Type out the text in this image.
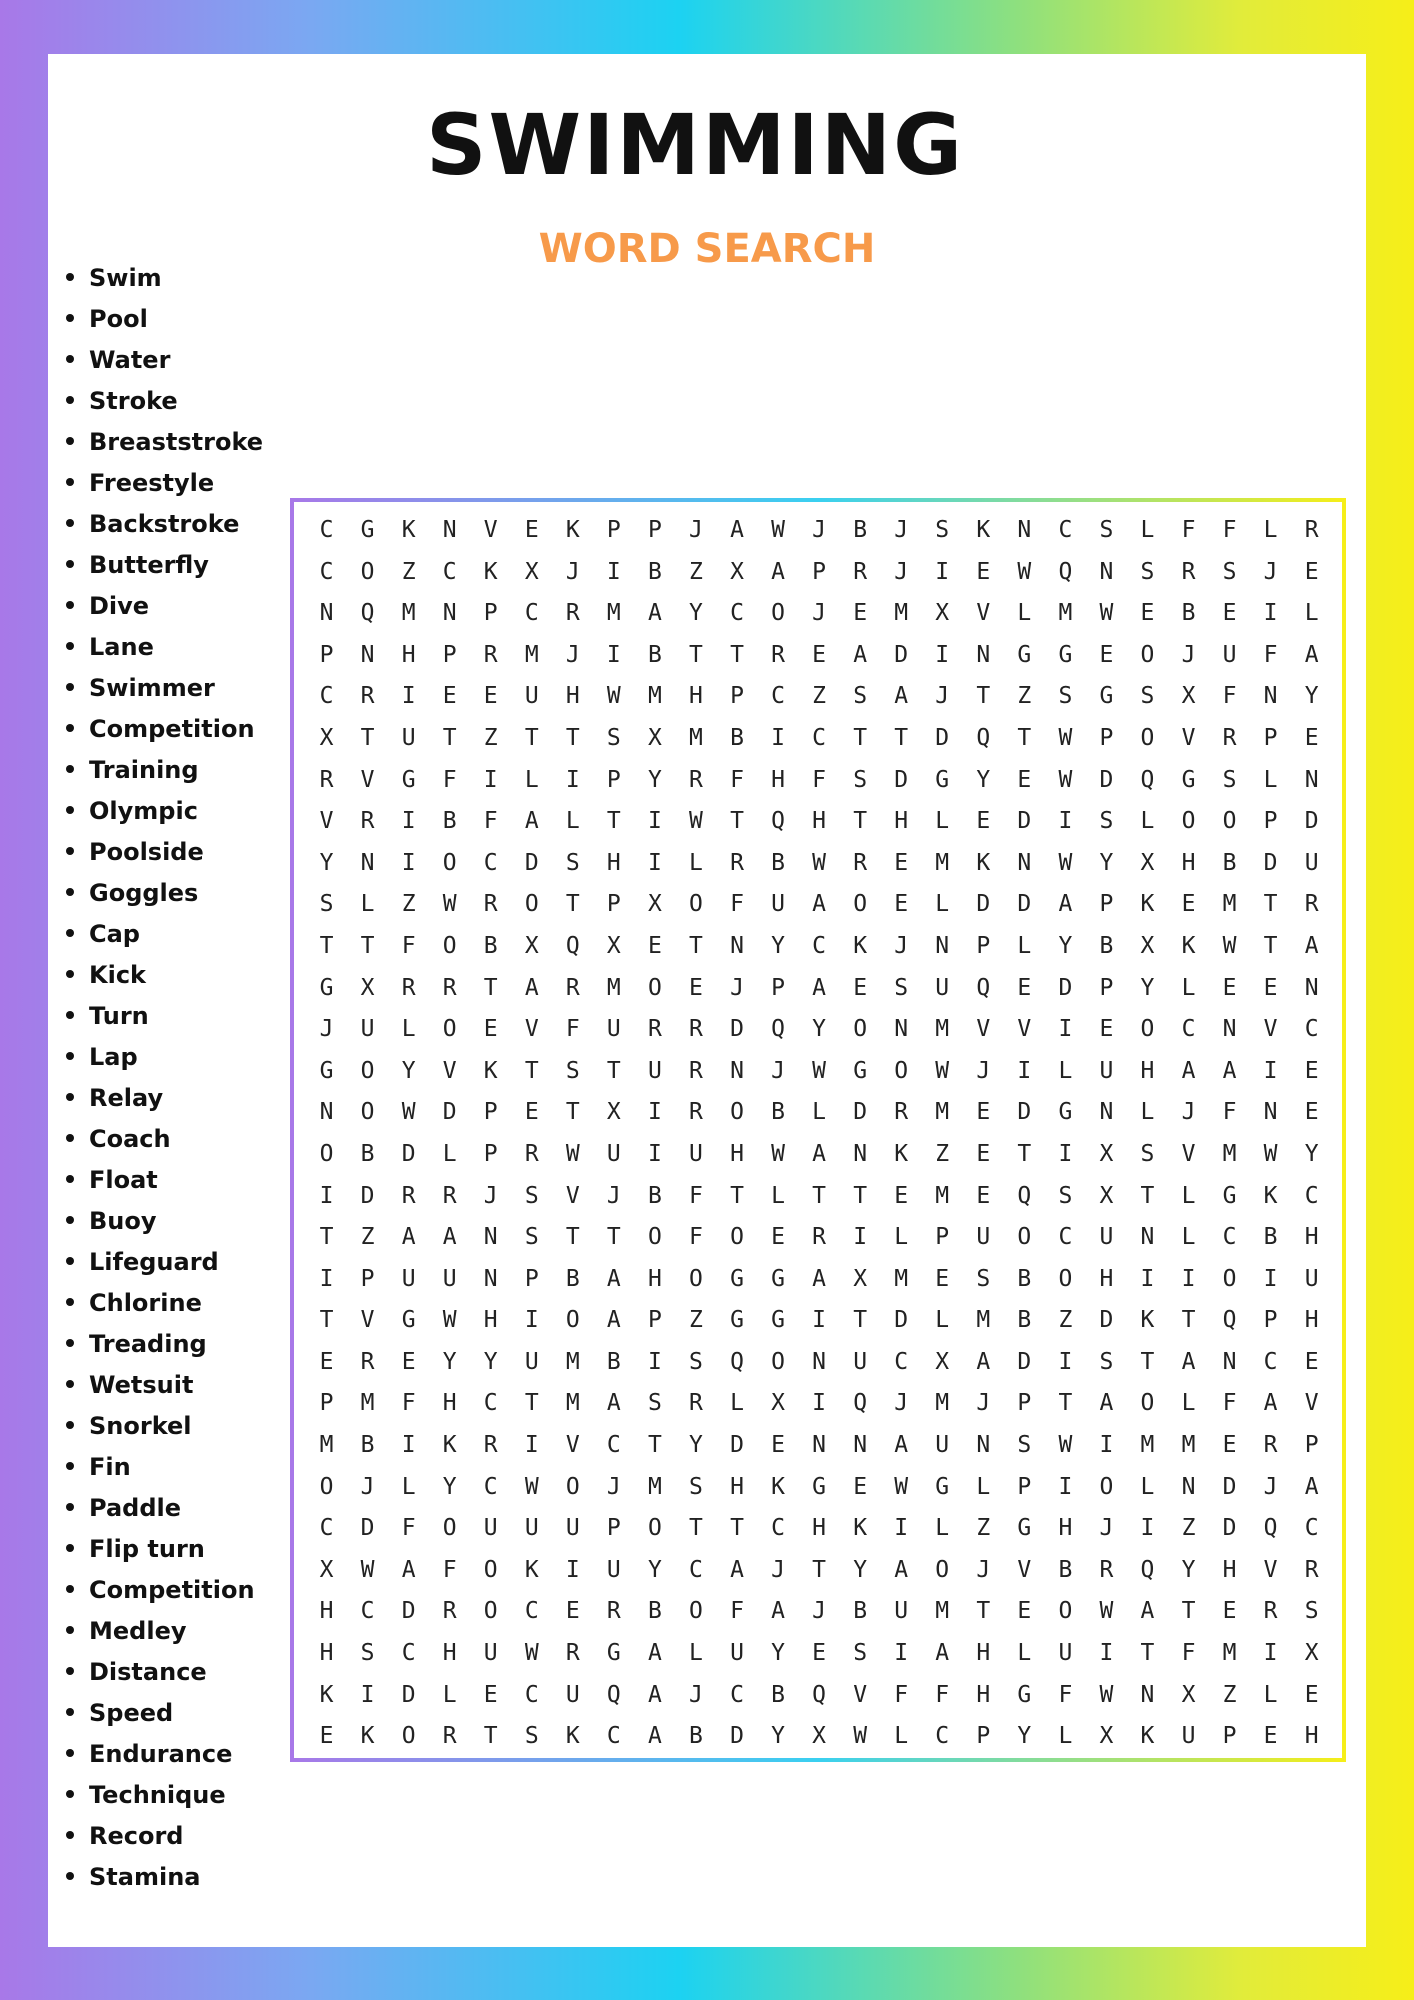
SWIMMING
WORD SEARCH
Swim
Pool
Water
Stroke
Breaststroke
Freestyle
Backstroke
Butterfly
Dive
Lane
Swimmer
Competition
Training
Olympic
Poolside
Goggles
Cap
Kick
Turn
Lap
Relay
Coach
Float
Buoy
Lifeguard
Chlorine
Treading
Wetsuit
Snorkel
Fin
Paddle
Flip turn
Competition
Medley
Distance
Speed
Endurance
Technique
Record
Stamina
C	G	K	N	V	E	K	P	P	J	A	W	J	B	J	S	K	N	C	S	L	F	F	L	R
C	O	Z	C	K	X	J	I	B	Z	X	A	P	R	J	I	E	W	Q	N	S	R	S	J	E
N	Q	M	N	P	C	R	M	A	Y	C	O	J	E	M	X	V	L	M	W	E	B	E	I	L
P	N	H	P	R	M	J	I	B	T	T	R	E	A	D	I	N	G	G	E	O	J	U	F	A
C	R	I	E	E	U	H	W	M	H	P	C	Z	S	A	J	T	Z	S	G	S	X	F	N	Y
X	T	U	T	Z	T	T	S	X	M	B	I	C	T	T	D	Q	T	W	P	O	V	R	P	E
R	V	G	F	I	L	I	P	Y	R	F	H	F	S	D	G	Y	E	W	D	Q	G	S	L	N
V	R	I	B	F	A	L	T	I	W	T	Q	H	T	H	L	E	D	I	S	L	O	O	P	D
Y	N	I	O	C	D	S	H	I	L	R	B	W	R	E	M	K	N	W	Y	X	H	B	D	U
S	L	Z	W	R	O	T	P	X	O	F	U	A	O	E	L	D	D	A	P	K	E	M	T	R
T	T	F	O	B	X	Q	X	E	T	N	Y	C	K	J	N	P	L	Y	B	X	K	W	T	A
G	X	R	R	T	A	R	M	O	E	J	P	A	E	S	U	Q	E	D	P	Y	L	E	E	N
J	U	L	O	E	V	F	U	R	R	D	Q	Y	O	N	M	V	V	I	E	O	C	N	V	C
G	O	Y	V	K	T	S	T	U	R	N	J	W	G	O	W	J	I	L	U	H	A	A	I	E
N	O	W	D	P	E	T	X	I	R	O	B	L	D	R	M	E	D	G	N	L	J	F	N	E
O	B	D	L	P	R	W	U	I	U	H	W	A	N	K	Z	E	T	I	X	S	V	M	W	Y
I	D	R	R	J	S	V	J	B	F	T	L	T	T	E	M	E	Q	S	X	T	L	G	K	C
T	Z	A	A	N	S	T	T	O	F	O	E	R	I	L	P	U	O	C	U	N	L	C	B	H
I	P	U	U	N	P	B	A	H	O	G	G	A	X	M	E	S	B	O	H	I	I	O	I	U
T	V	G	W	H	I	O	A	P	Z	G	G	I	T	D	L	M	B	Z	D	K	T	Q	P	H
E	R	E	Y	Y	U	M	B	I	S	Q	O	N	U	C	X	A	D	I	S	T	A	N	C	E
P	M	F	H	C	T	M	A	S	R	L	X	I	Q	J	M	J	P	T	A	O	L	F	A	V
M	B	I	K	R	I	V	C	T	Y	D	E	N	N	A	U	N	S	W	I	M	M	E	R	P
O	J	L	Y	C	W	O	J	M	S	H	K	G	E	W	G	L	P	I	O	L	N	D	J	A
C	D	F	O	U	U	U	P	O	T	T	C	H	K	I	L	Z	G	H	J	I	Z	D	Q	C
X	W	A	F	O	K	I	U	Y	C	A	J	T	Y	A	O	J	V	B	R	Q	Y	H	V	R
H	C	D	R	O	C	E	R	B	O	F	A	J	B	U	M	T	E	O	W	A	T	E	R	S
H	S	C	H	U	W	R	G	A	L	U	Y	E	S	I	A	H	L	U	I	T	F	M	I	X
K	I	D	L	E	C	U	Q	A	J	C	B	Q	V	F	F	H	G	F	W	N	X	Z	L	E
E	K	O	R	T	S	K	C	A	B	D	Y	X	W	L	C	P	Y	L	X	K	U	P	E	H
